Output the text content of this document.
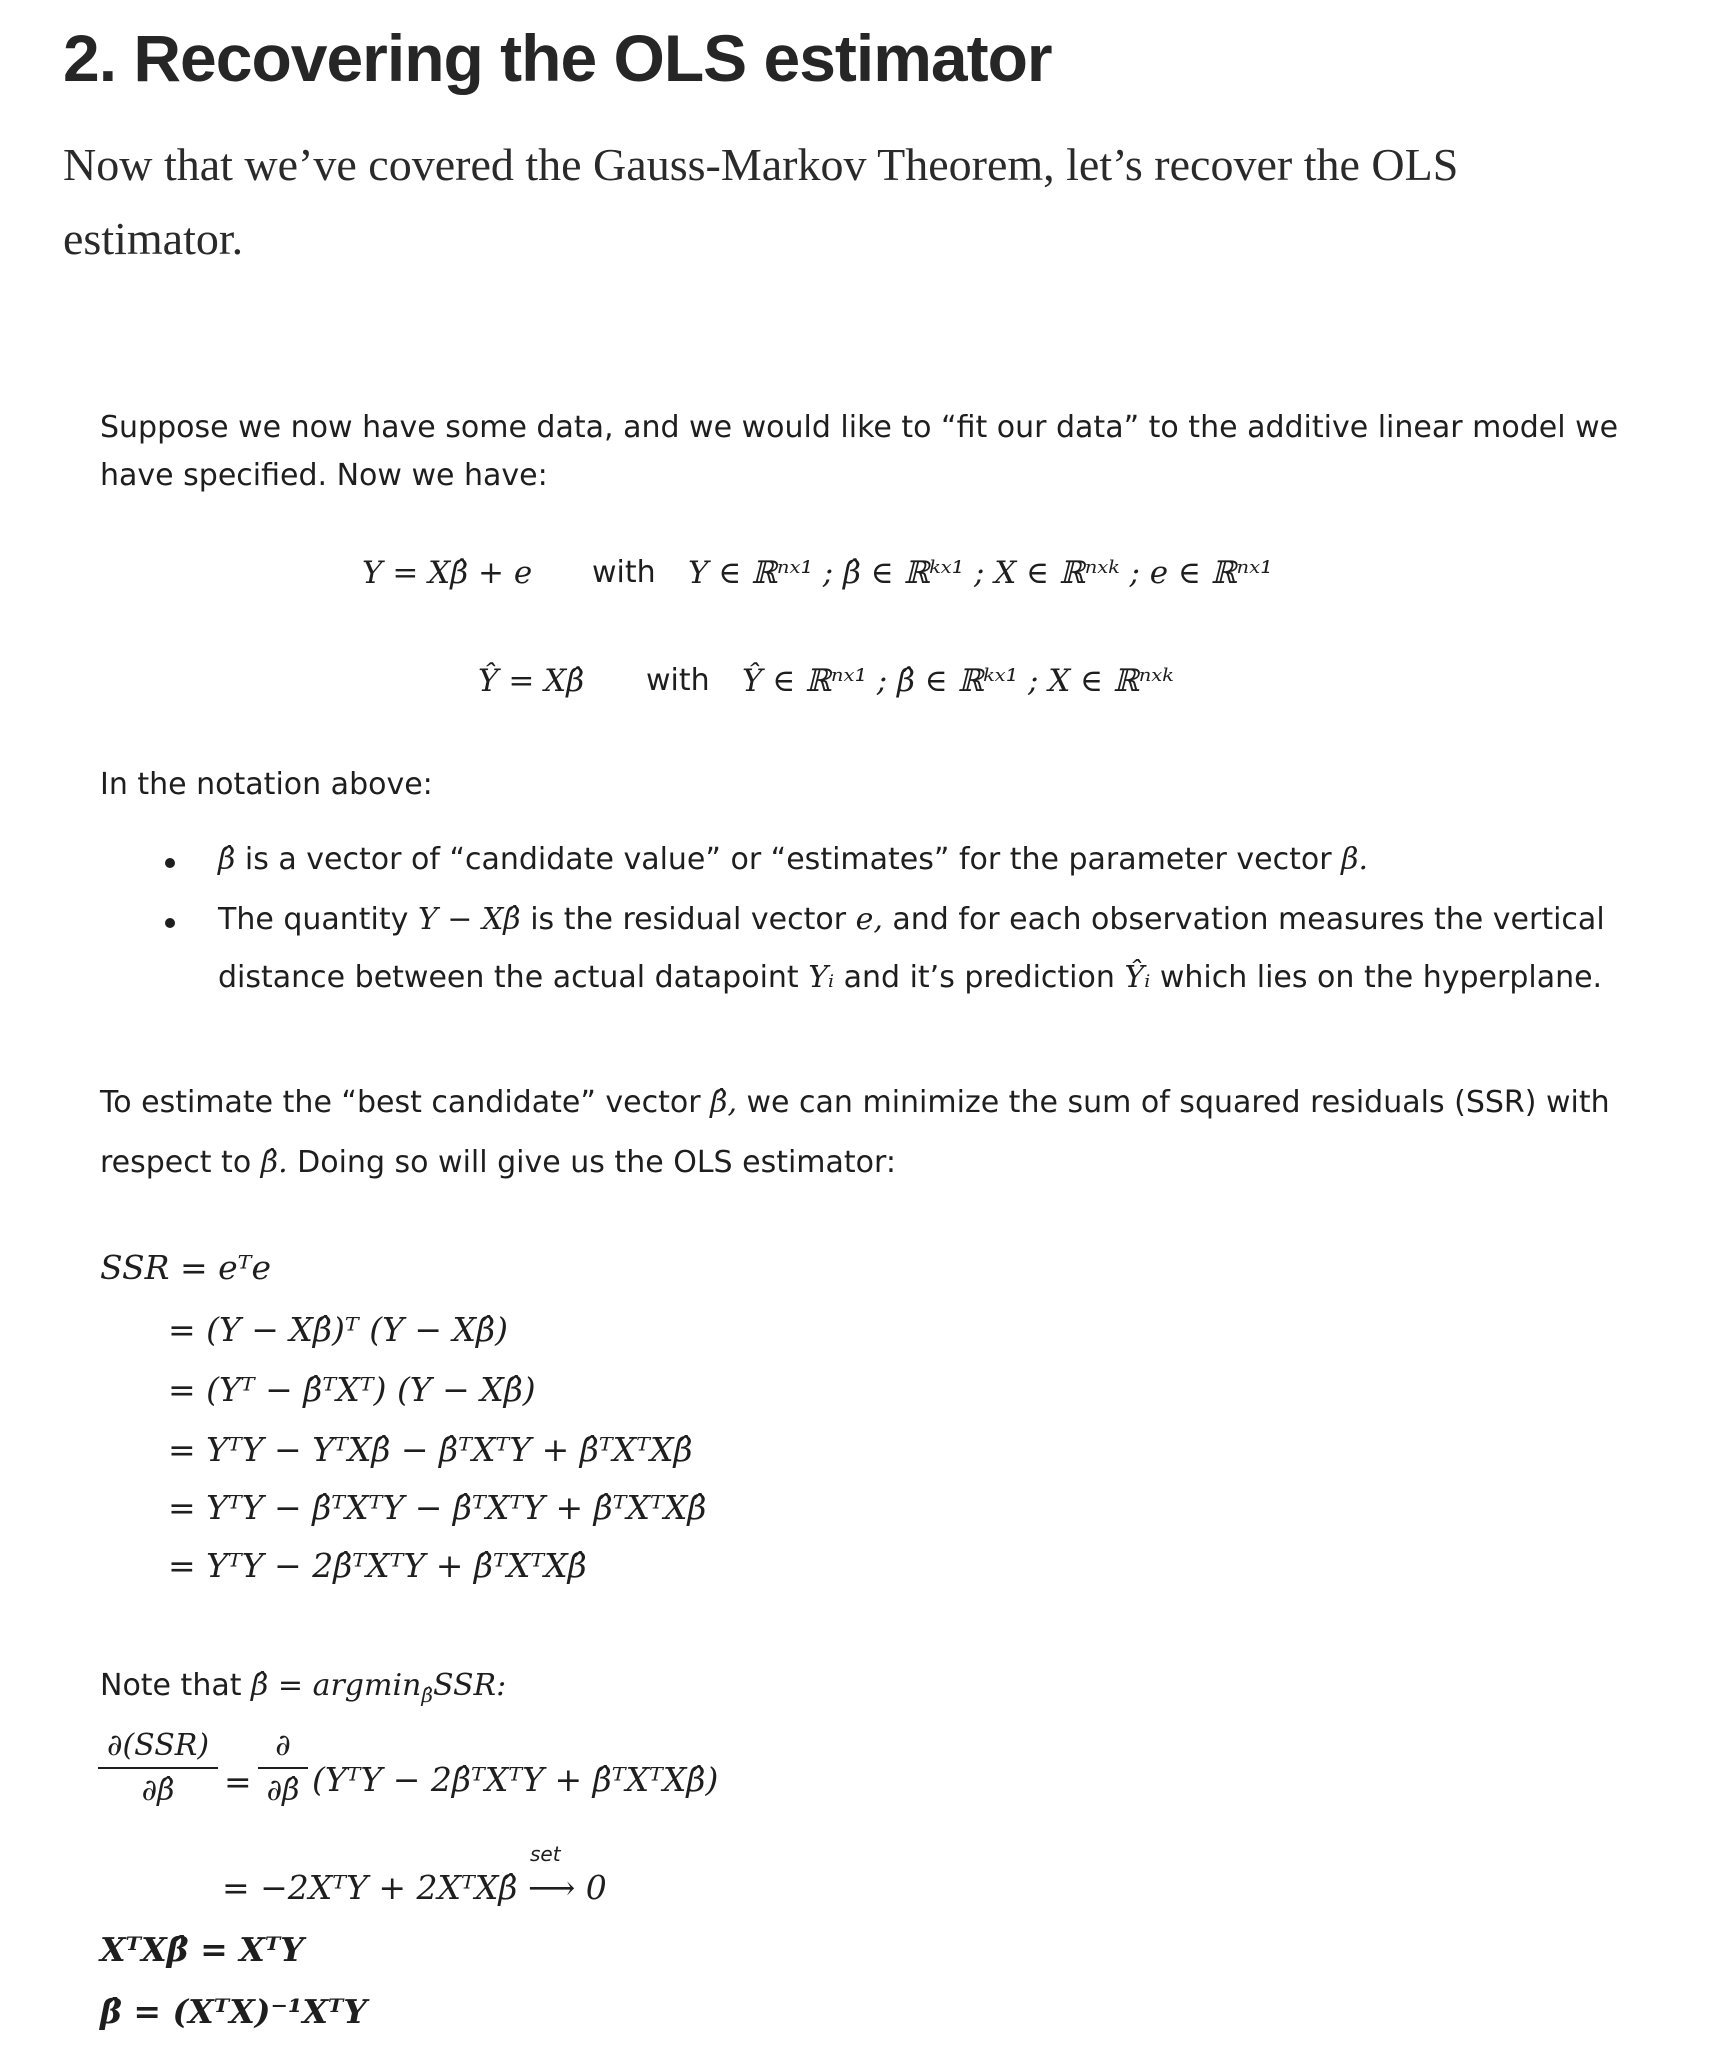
2. Recovering the OLS estimator

Now that we’ve covered the Gauss-Markov Theorem, let’s recover the OLS estimator.

Suppose we now have some data, and we would like to “fit our data” to the additive linear model we
have specified. Now we have:
Y = Xβ̂ + e with Y ∈ ℝⁿˣ¹ ; β̂ ∈ ℝᵏˣ¹ ; X ∈ ℝⁿˣᵏ ; e ∈ ℝⁿˣ¹
Ŷ = Xβ̂ with Ŷ ∈ ℝⁿˣ¹ ; β̂ ∈ ℝᵏˣ¹ ; X ∈ ℝⁿˣᵏ
In the notation above:
β̂ is a vector of “candidate value” or “estimates” for the parameter vector β.
The quantity Y − Xβ̂ is the residual vector e, and for each observation measures the vertical
distance between the actual datapoint Yᵢ and it’s prediction Ŷᵢ which lies on the hyperplane.
To estimate the “best candidate” vector β̂, we can minimize the sum of squared residuals (SSR) with
respect to β̂. Doing so will give us the OLS estimator:
SSR = eᵀe
= (Y − Xβ̂)ᵀ (Y − Xβ̂)
= (Yᵀ − β̂ᵀXᵀ) (Y − Xβ̂)
= YᵀY − YᵀXβ̂ − β̂ᵀXᵀY + β̂ᵀXᵀXβ̂
= YᵀY − β̂ᵀXᵀY − β̂ᵀXᵀY + β̂ᵀXᵀXβ̂
= YᵀY − 2β̂ᵀXᵀY + β̂ᵀXᵀXβ̂
Note that β̂ = argmin$_{\betâ}$SSR:
∂(SSR)
∂β̂	=
∂
∂β̂ (YᵀY − 2β̂ᵀXᵀY + β̂ᵀXᵀXβ̂)
= −2XᵀY + 2XᵀXβ̂
set
⟶ 0
XᵀXβ̂ = XᵀY
β̂ = (XᵀX)⁻¹XᵀY
